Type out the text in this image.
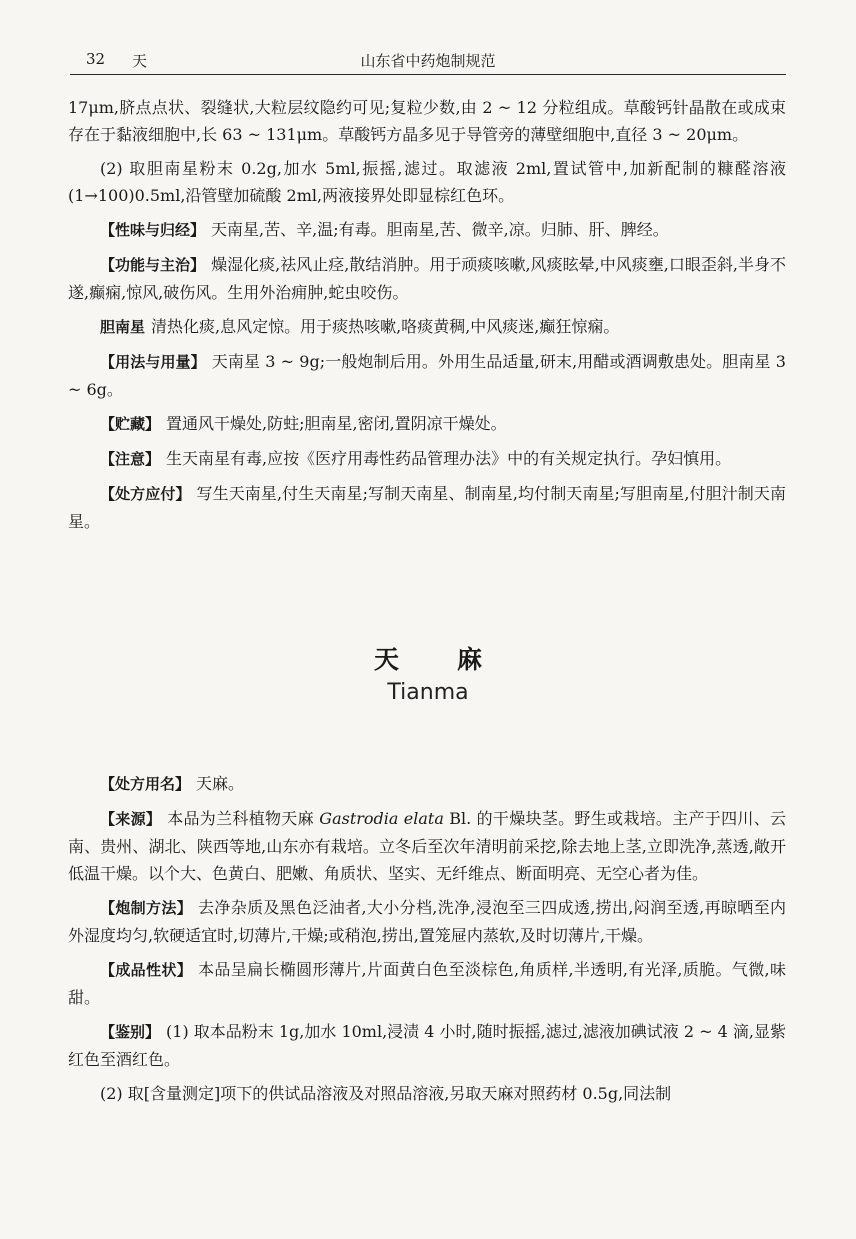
32 天	山东省中药炮制规范

17μm,脐点点状、裂缝状,大粒层纹隐约可见;复粒少数,由 2 ~ 12 分粒组成。草酸钙针晶散在或成束存在于黏液细胞中,长 63 ~ 131μm。草酸钙方晶多见于导管旁的薄壁细胞中,直径 3 ~ 20μm。

(2) 取胆南星粉末 0.2g,加水 5ml,振摇,滤过。取滤液 2ml,置试管中,加新配制的糠醛溶液(1→100)0.5ml,沿管壁加硫酸 2ml,两液接界处即显棕红色环。

【性味与归经】 天南星,苦、辛,温;有毒。胆南星,苦、微辛,凉。归肺、肝、脾经。

【功能与主治】 燥湿化痰,祛风止痉,散结消肿。用于顽痰咳嗽,风痰眩晕,中风痰壅,口眼歪斜,半身不遂,癫痫,惊风,破伤风。生用外治痈肿,蛇虫咬伤。

胆南星 清热化痰,息风定惊。用于痰热咳嗽,咯痰黄稠,中风痰迷,癫狂惊痫。

【用法与用量】 天南星 3 ~ 9g;一般炮制后用。外用生品适量,研末,用醋或酒调敷患处。胆南星 3 ~ 6g。

【贮藏】 置通风干燥处,防蛀;胆南星,密闭,置阴凉干燥处。

【注意】 生天南星有毒,应按《医疗用毒性药品管理办法》中的有关规定执行。孕妇慎用。

【处方应付】 写生天南星,付生天南星;写制天南星、制南星,均付制天南星;写胆南星,付胆汁制天南星。

天麻
Tianma

【处方用名】 天麻。

【来源】 本品为兰科植物天麻 Gastrodia elata Bl. 的干燥块茎。野生或栽培。主产于四川、云南、贵州、湖北、陕西等地,山东亦有栽培。立冬后至次年清明前采挖,除去地上茎,立即洗净,蒸透,敞开低温干燥。以个大、色黄白、肥嫩、角质状、坚实、无纤维点、断面明亮、无空心者为佳。

【炮制方法】 去净杂质及黑色泛油者,大小分档,洗净,浸泡至三四成透,捞出,闷润至透,再晾晒至内外湿度均匀,软硬适宜时,切薄片,干燥;或稍泡,捞出,置笼屉内蒸软,及时切薄片,干燥。

【成品性状】 本品呈扁长椭圆形薄片,片面黄白色至淡棕色,角质样,半透明,有光泽,质脆。气微,味甜。

【鉴别】 (1) 取本品粉末 1g,加水 10ml,浸渍 4 小时,随时振摇,滤过,滤液加碘试液 2 ~ 4 滴,显紫红色至酒红色。

(2) 取[含量测定]项下的供试品溶液及对照品溶液,另取天麻对照药材 0.5g,同法制
